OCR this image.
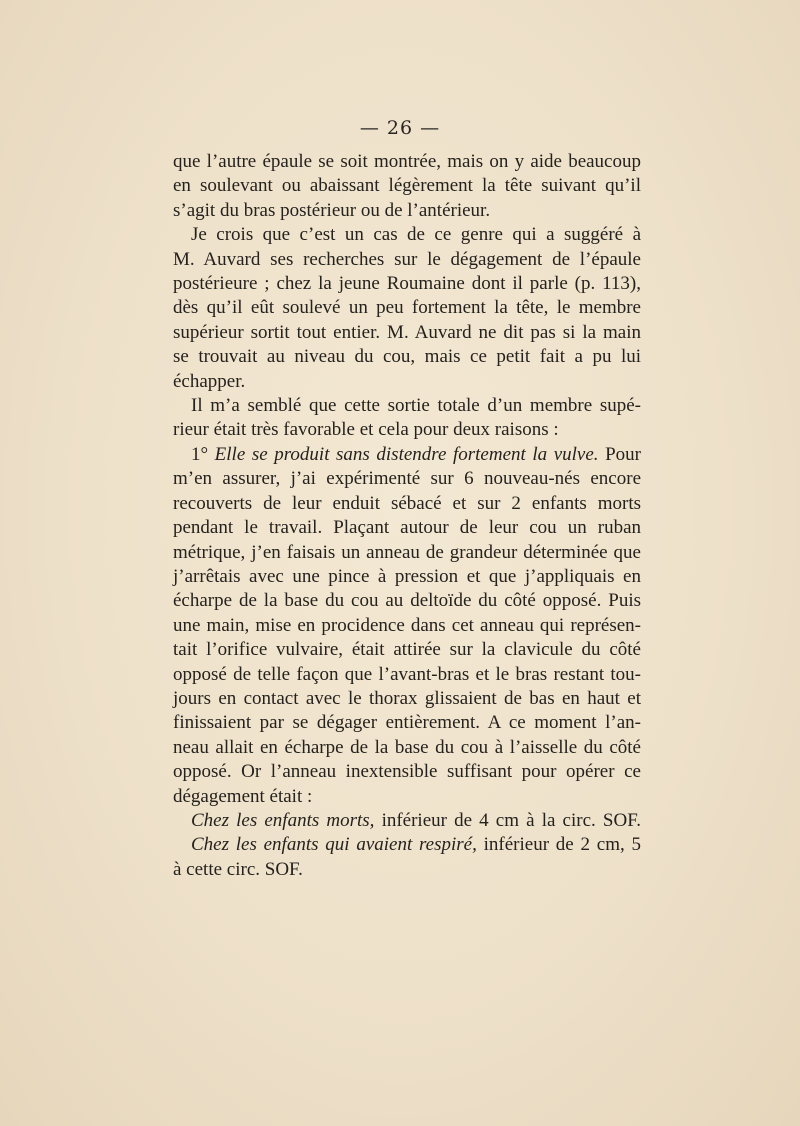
— 26 —

que l’autre épaule se soit montrée, mais on y aide beaucoup

en soulevant ou abaissant légèrement la tête suivant qu’il

s’agit du bras postérieur ou de l’antérieur.

Je crois que c’est un cas de ce genre qui a suggéré à

M. Auvard ses recherches sur le dégagement de l’épaule

postérieure ; chez la jeune Roumaine dont il parle (p. 113),

dès qu’il eût soulevé un peu fortement la tête, le membre

supérieur sortit tout entier. M. Auvard ne dit pas si la main

se trouvait au niveau du cou, mais ce petit fait a pu lui

échapper.

Il m’a semblé que cette sortie totale d’un membre supé-

rieur était très favorable et cela pour deux raisons :

1° Elle se produit sans distendre fortement la vulve. Pour

m’en assurer, j’ai expérimenté sur 6 nouveau-nés encore

recouverts de leur enduit sébacé et sur 2 enfants morts

pendant le travail. Plaçant autour de leur cou un ruban

métrique, j’en faisais un anneau de grandeur déterminée que

j’arrêtais avec une pince à pression et que j’appliquais en

écharpe de la base du cou au deltoïde du côté opposé. Puis

une main, mise en procidence dans cet anneau qui représen-

tait l’orifice vulvaire, était attirée sur la clavicule du côté

opposé de telle façon que l’avant-bras et le bras restant tou-

jours en contact avec le thorax glissaient de bas en haut et

finissaient par se dégager entièrement. A ce moment l’an-

neau allait en écharpe de la base du cou à l’aisselle du côté

opposé. Or l’anneau inextensible suffisant pour opérer ce

dégagement était :

Chez les enfants morts, inférieur de 4 cm à la circ. SOF.

Chez les enfants qui avaient respiré, inférieur de 2 cm, 5

à cette circ. SOF.
